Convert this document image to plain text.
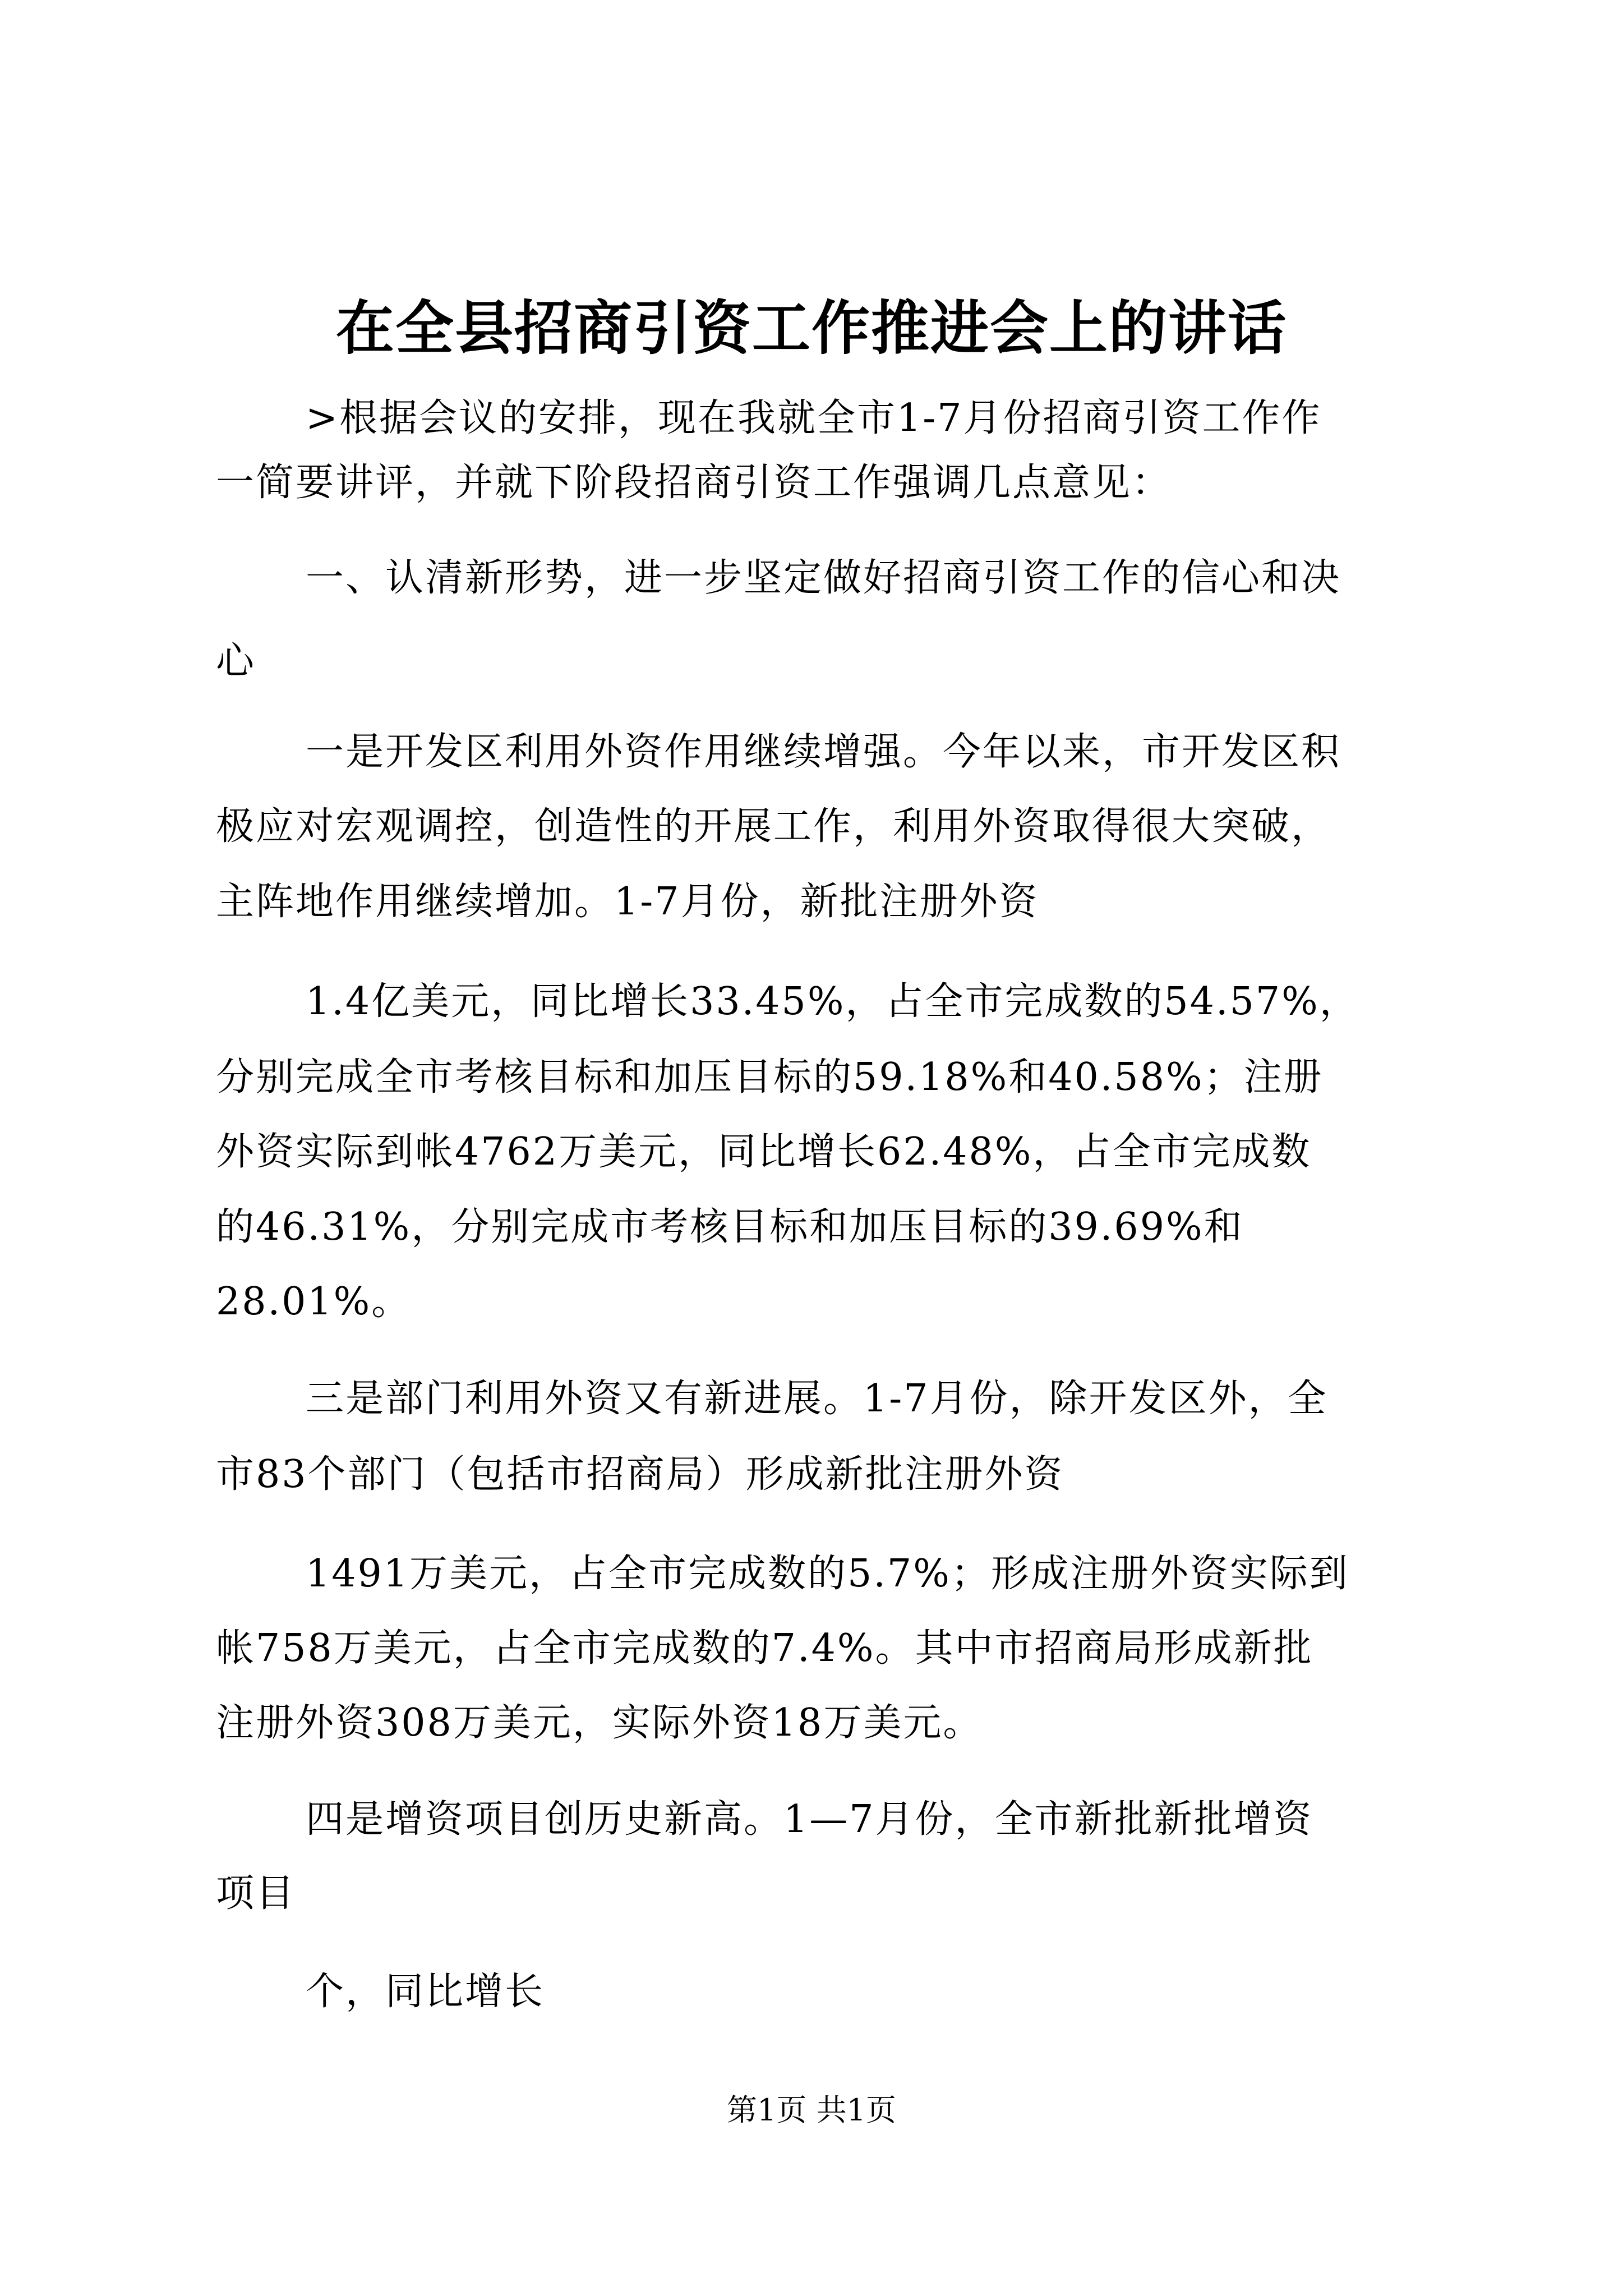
在全县招商引资工作推进会上的讲话
>根据会议的安排，现在我就全市1-7月份招商引资工作作
一简要讲评，并就下阶段招商引资工作强调几点意见：
一、认清新形势，进一步坚定做好招商引资工作的信心和决
心
一是开发区利用外资作用继续增强。今年以来，市开发区积
极应对宏观调控，创造性的开展工作，利用外资取得很大突破，
主阵地作用继续增加。1-7月份，新批注册外资
1.4亿美元，同比增长33.45%，占全市完成数的54.57%，
分别完成全市考核目标和加压目标的59.18%和40.58%；注册
外资实际到帐4762万美元，同比增长62.48%，占全市完成数
的46.31%，分别完成市考核目标和加压目标的39.69%和
28.01%。
三是部门利用外资又有新进展。1-7月份，除开发区外，全
市83个部门（包括市招商局）形成新批注册外资
1491万美元，占全市完成数的5.7%；形成注册外资实际到
帐758万美元，占全市完成数的7.4%。其中市招商局形成新批
注册外资308万美元，实际外资18万美元。
四是增资项目创历史新高。1—7月份，全市新批新批增资
项目
个，同比增长
第1页 共1页
